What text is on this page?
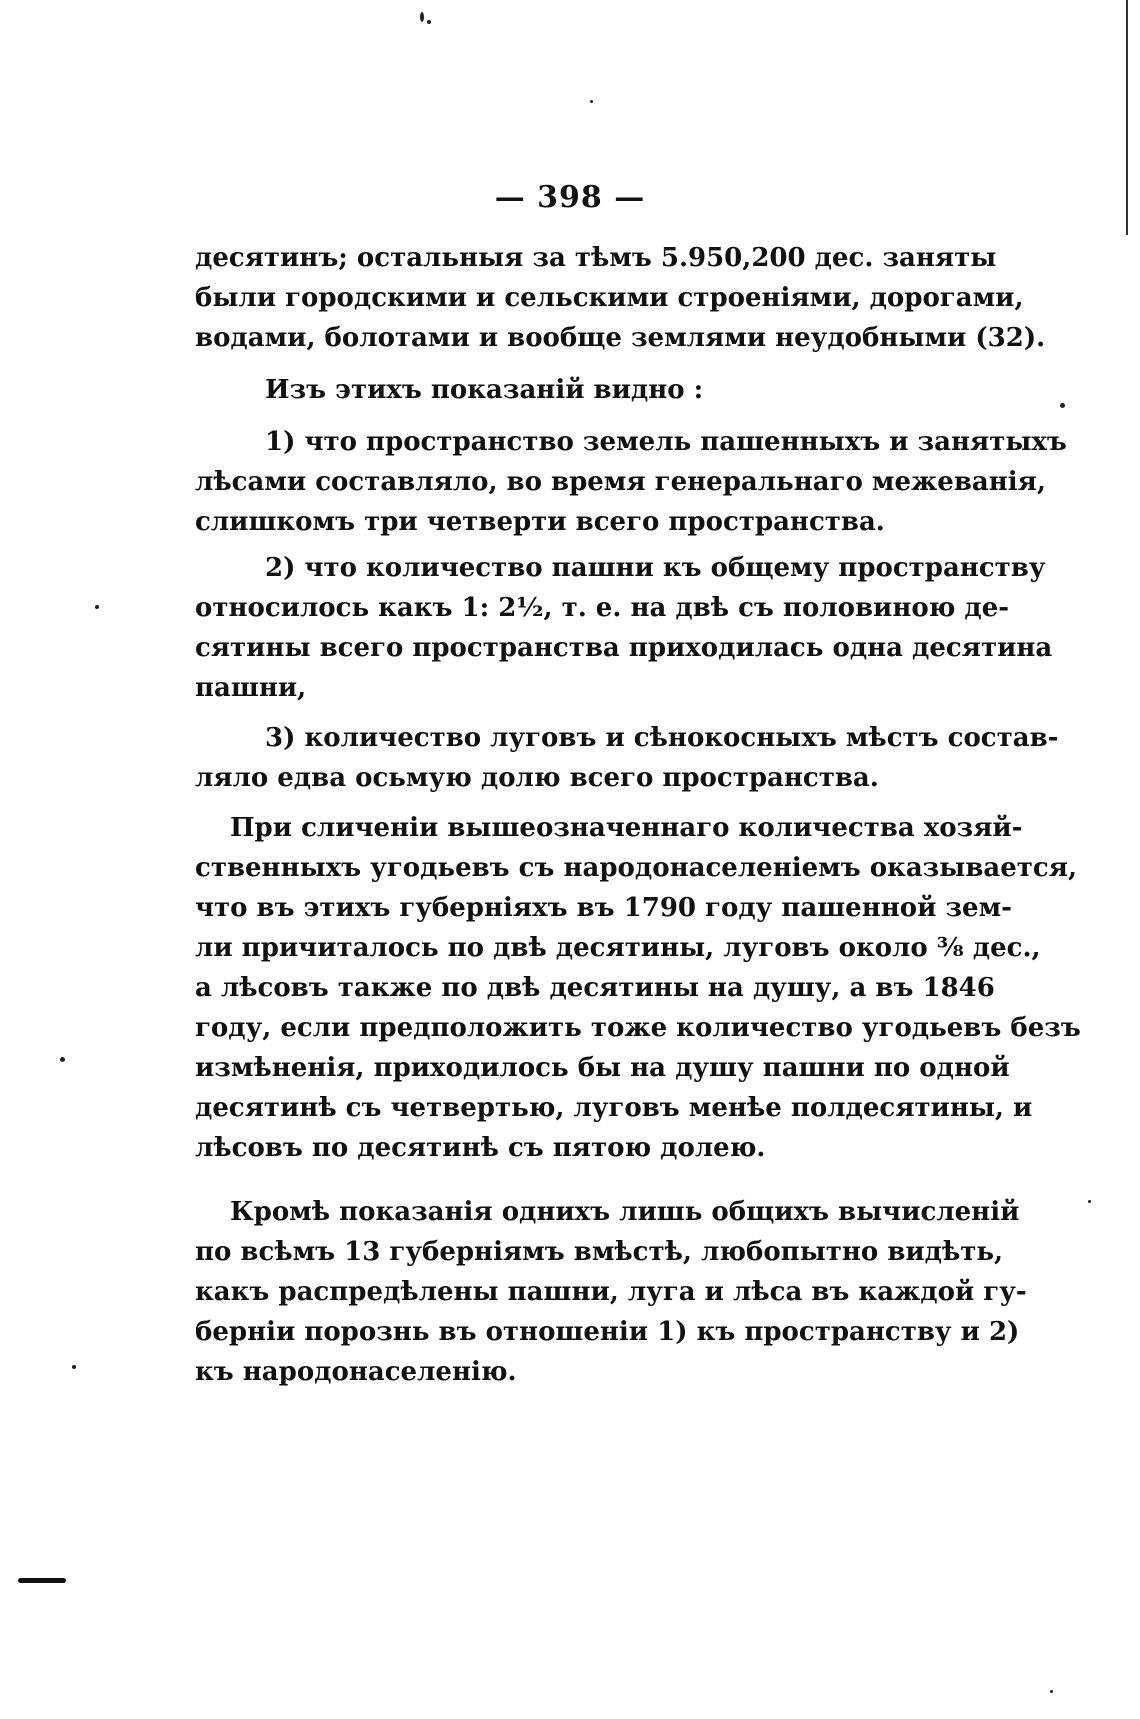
— 398 —

десятинъ; остальныя за тѣмъ 5.950,200 дес. заняты
были городскими и сельскими строеніями, дорогами,
водами, болотами и вообще землями неудобными (32).

Изъ этихъ показаній видно :

1) что пространство земель пашенныхъ и занятыхъ
лѣсами составляло, во время генеральнаго межеванія,
слишкомъ три четверти всего пространства.

2) что количество пашни къ общему пространству
относилось какъ 1: 2½, т. е. на двѣ съ половиною де-
сятины всего пространства приходилась одна десятина
пашни,

3) количество луговъ и сѣнокосныхъ мѣстъ состав-
ляло едва осьмую долю всего пространства.

При сличеніи вышеозначеннаго количества хозяй-
ственныхъ угодьевъ съ народонаселеніемъ оказывается,
что въ этихъ губерніяхъ въ 1790 году пашенной зем-
ли причиталось по двѣ десятины, луговъ около ⅜ дес.,
а лѣсовъ также по двѣ десятины на душу, а въ 1846
году, если предположить тоже количество угодьевъ безъ
измѣненія, приходилось бы на душу пашни по одной
десятинѣ съ четвертью, луговъ менѣе полдесятины, и
лѣсовъ по десятинѣ съ пятою долею.

Кромѣ показанія однихъ лишь общихъ вычисленій
по всѣмъ 13 губерніямъ вмѣстѣ, любопытно видѣть,
какъ распредѣлены пашни, луга и лѣса въ каждой гу-
берніи порознь въ отношеніи 1) къ пространству и 2)
къ народонаселенію.
